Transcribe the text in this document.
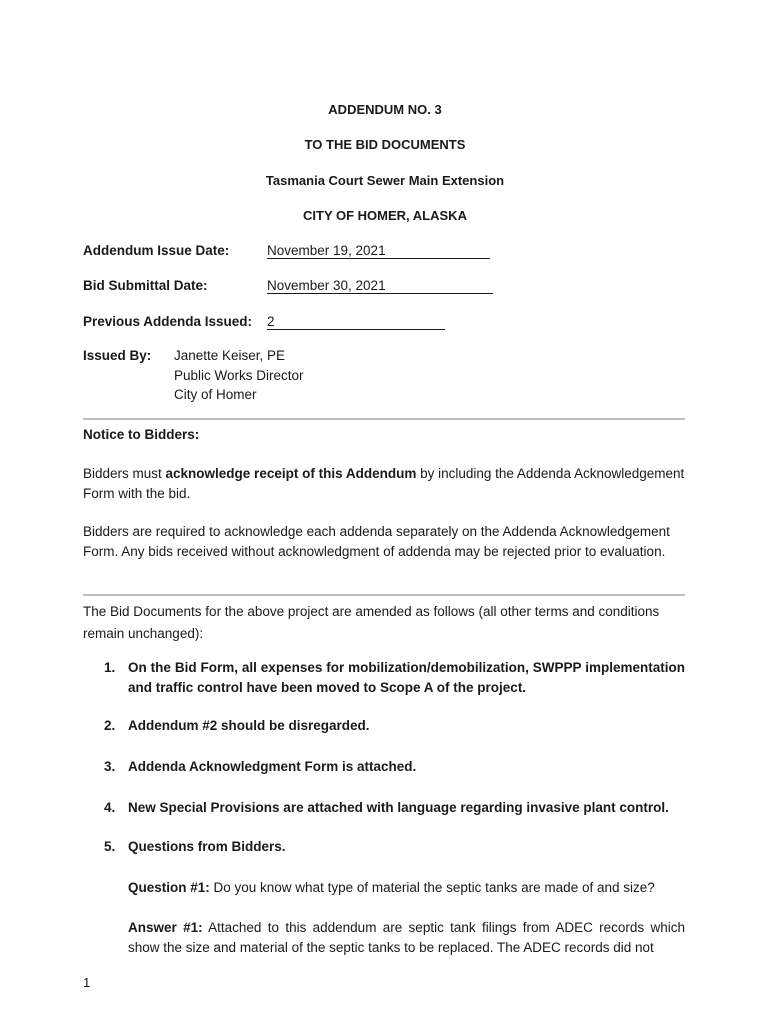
ADDENDUM NO. 3
TO THE BID DOCUMENTS
Tasmania Court Sewer Main Extension
CITY OF HOMER, ALASKA
Addendum Issue Date:	November 19, 2021
Bid Submittal Date:	November 30, 2021
Previous Addenda Issued: 2
Issued By: Janette Keiser, PE
Public Works Director
City of Homer
Notice to Bidders:
Bidders must acknowledge receipt of this Addendum by including the Addenda Acknowledgement Form with the bid.
Bidders are required to acknowledge each addenda separately on the Addenda Acknowledgement Form. Any bids received without acknowledgment of addenda may be rejected prior to evaluation.
The Bid Documents for the above project are amended as follows (all other terms and conditions remain unchanged):
1. On the Bid Form, all expenses for mobilization/demobilization, SWPPP implementation and traffic control have been moved to Scope A of the project.
2. Addendum #2 should be disregarded.
3. Addenda Acknowledgment Form is attached.
4. New Special Provisions are attached with language regarding invasive plant control.
5. Questions from Bidders.
Question #1: Do you know what type of material the septic tanks are made of and size?
Answer #1: Attached to this addendum are septic tank filings from ADEC records which show the size and material of the septic tanks to be replaced. The ADEC records did not
1
